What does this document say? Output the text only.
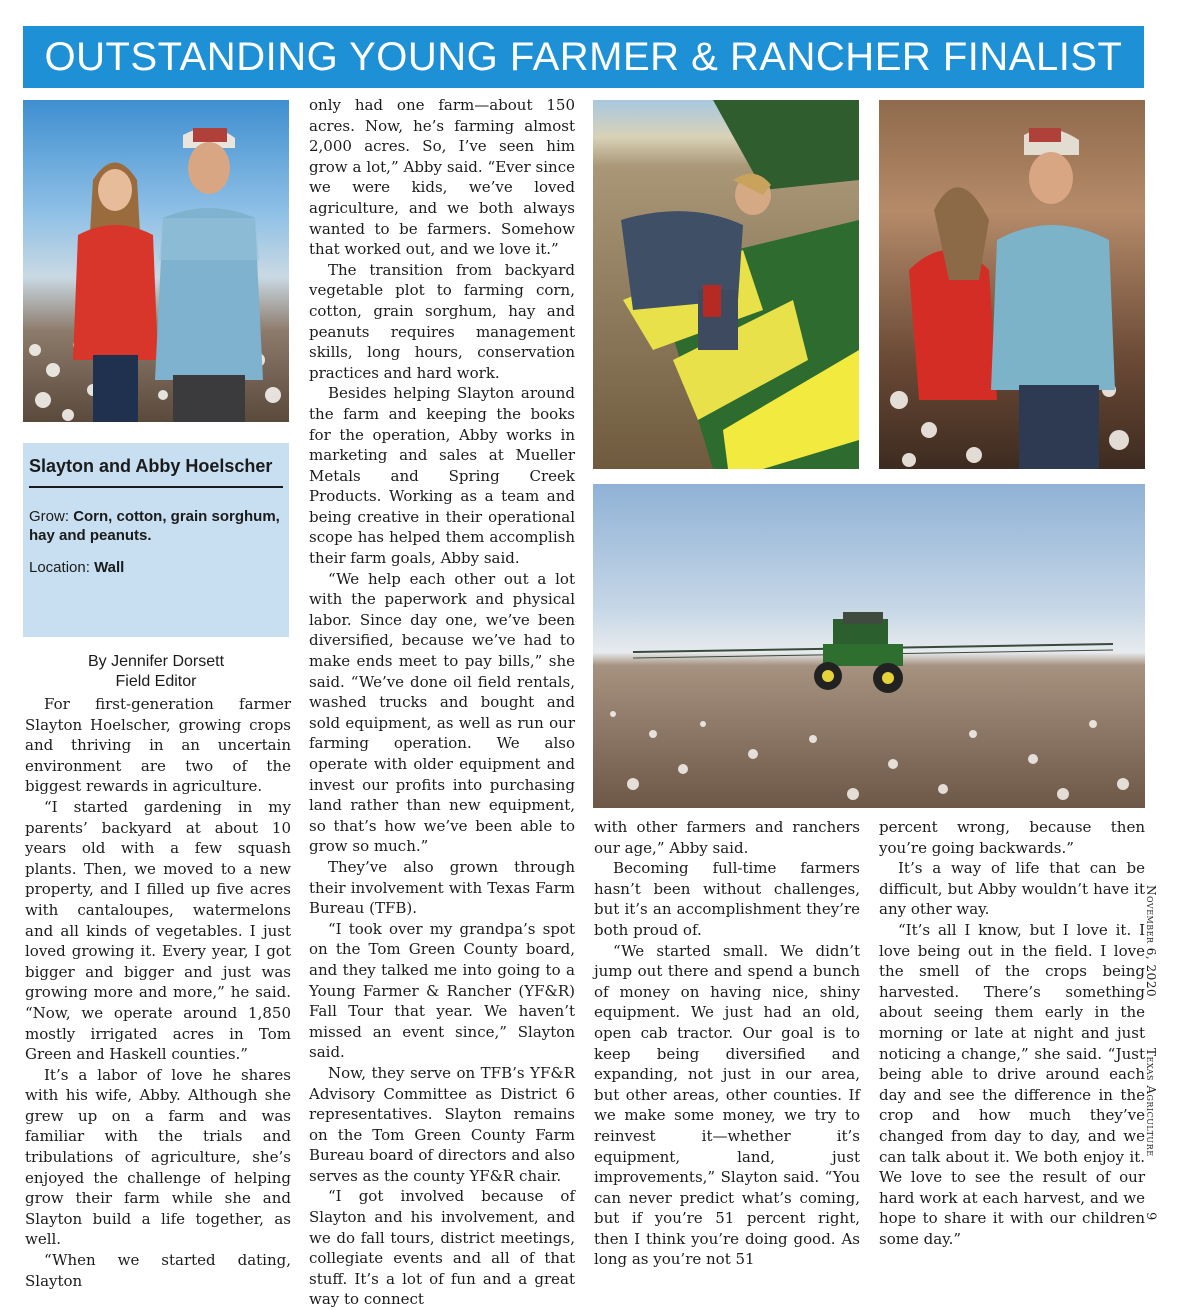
OUTSTANDING YOUNG FARMER & RANCHER FINALIST
Slayton and Abby Hoelscher
Grow: Corn, cotton, grain sorghum, hay and peanuts.
Location: Wall
By Jennifer Dorsett
Field Editor

For first-generation farmer Slayton Hoelscher, growing crops and thriving in an uncertain environment are two of the biggest rewards in agriculture.

“I started gardening in my parents’ backyard at about 10 years old with a few squash plants. Then, we moved to a new property, and I filled up five acres with cantaloupes, watermelons and all kinds of vegetables. I just loved growing it. Every year, I got bigger and bigger and just was growing more and more,” he said. “Now, we operate around 1,850 mostly irrigated acres in Tom Green and Haskell counties.”

It’s a labor of love he shares with his wife, Abby. Although she grew up on a farm and was familiar with the trials and tribulations of agriculture, she’s enjoyed the challenge of helping grow their farm while she and Slayton build a life together, as well.

“When we started dating, Slayton

only had one farm—about 150 acres. Now, he’s farming almost 2,000 acres. So, I’ve seen him grow a lot,” Abby said. “Ever since we were kids, we’ve loved agriculture, and we both always wanted to be farmers. Somehow that worked out, and we love it.”

The transition from backyard vegetable plot to farming corn, cotton, grain sorghum, hay and peanuts requires management skills, long hours, conservation practices and hard work.

Besides helping Slayton around the farm and keeping the books for the operation, Abby works in marketing and sales at Mueller Metals and Spring Creek Products. Working as a team and being creative in their operational scope has helped them accomplish their farm goals, Abby said.

“We help each other out a lot with the paperwork and physical labor. Since day one, we’ve been diversified, because we’ve had to make ends meet to pay bills,” she said. “We’ve done oil field rentals, washed trucks and bought and sold equipment, as well as run our farming operation. We also operate with older equipment and invest our profits into purchasing land rather than new equipment, so that’s how we’ve been able to grow so much.”

They’ve also grown through their involvement with Texas Farm Bureau (TFB).

“I took over my grandpa’s spot on the Tom Green County board, and they talked me into going to a Young Farmer & Rancher (YF&R) Fall Tour that year. We haven’t missed an event since,” Slayton said.

Now, they serve on TFB’s YF&R Advisory Committee as District 6 representatives. Slayton remains on the Tom Green County Farm Bureau board of directors and also serves as the county YF&R chair.

“I got involved because of Slayton and his involvement, and we do fall tours, district meetings, collegiate events and all of that stuff. It’s a lot of fun and a great way to connect

with other farmers and ranchers our age,” Abby said.

Becoming full-time farmers hasn’t been without challenges, but it’s an accomplishment they’re both proud of.

“We started small. We didn’t jump out there and spend a bunch of money on having nice, shiny equipment. We just had an old, open cab tractor. Our goal is to keep being diversified and expanding, not just in our area, but other areas, other counties. If we make some money, we try to reinvest it—whether it’s equipment, land, just improvements,” Slayton said. “You can never predict what’s coming, but if you’re 51 percent right, then I think you’re doing good. As long as you’re not 51

percent wrong, because then you’re going backwards.”

It’s a way of life that can be difficult, but Abby wouldn’t have it any other way.

“It’s all I know, but I love it. I love being out in the field. I love the smell of the crops being harvested. There’s something about seeing them early in the morning or late at night and just noticing a change,” she said. “Just being able to drive around each day and see the difference in the crop and how much they’ve changed from day to day, and we can talk about it. We both enjoy it. We love to see the result of our hard work at each harvest, and we hope to share it with our children some day.”

November 6, 2020
Texas Agriculture
9
